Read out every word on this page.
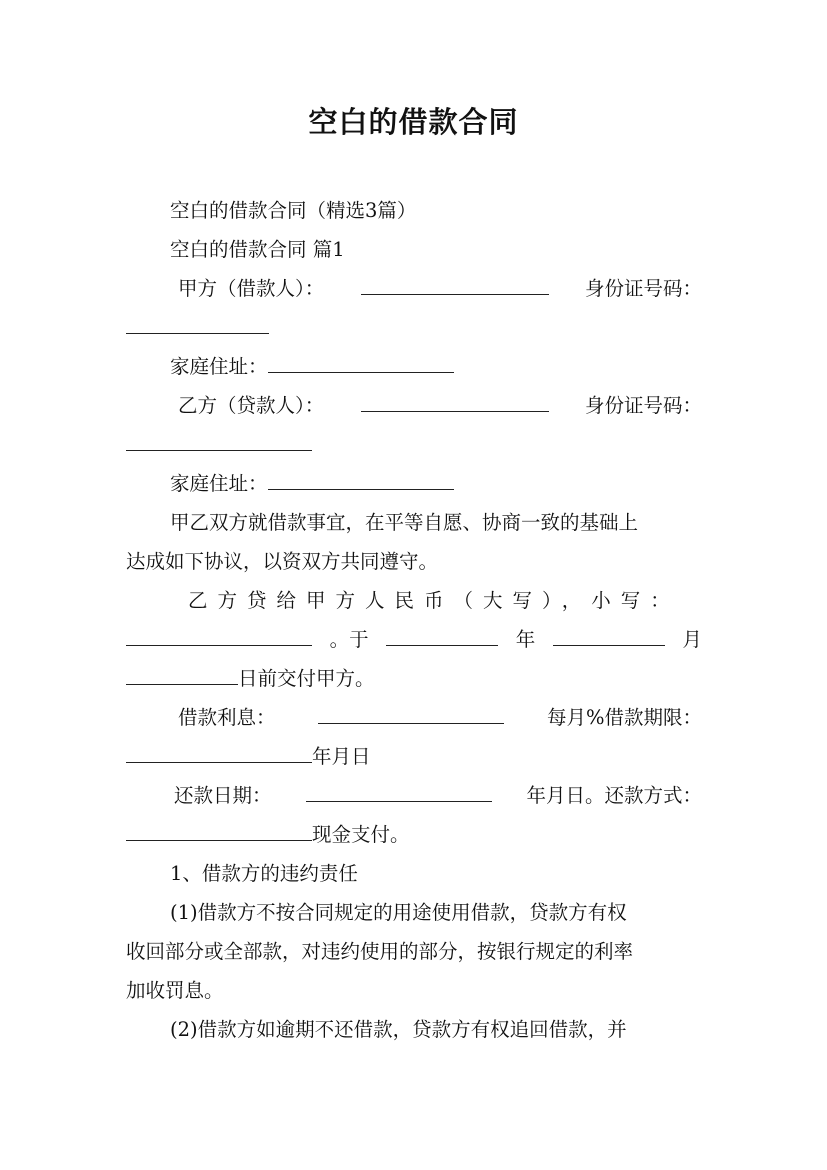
空白的借款合同
空白的借款合同（精选3篇）
空白的借款合同 篇1
甲方（借款人）：	身份证号码：
家庭住址：
乙方（贷款人）：	身份证号码：
家庭住址：
甲乙双方就借款事宜，在平等自愿、协商一致的基础上
达成如下协议，以资双方共同遵守。
乙方贷给甲方人民币（大写），小写：
。于	年	月
日前交付甲方。
借款利息：	每月%借款期限：
年月日
还款日期：	年月日。还款方式：
现金支付。
1、借款方的违约责任
(1)借款方不按合同规定的用途使用借款，贷款方有权
收回部分或全部款，对违约使用的部分，按银行规定的利率
加收罚息。
(2)借款方如逾期不还借款，贷款方有权追回借款，并
